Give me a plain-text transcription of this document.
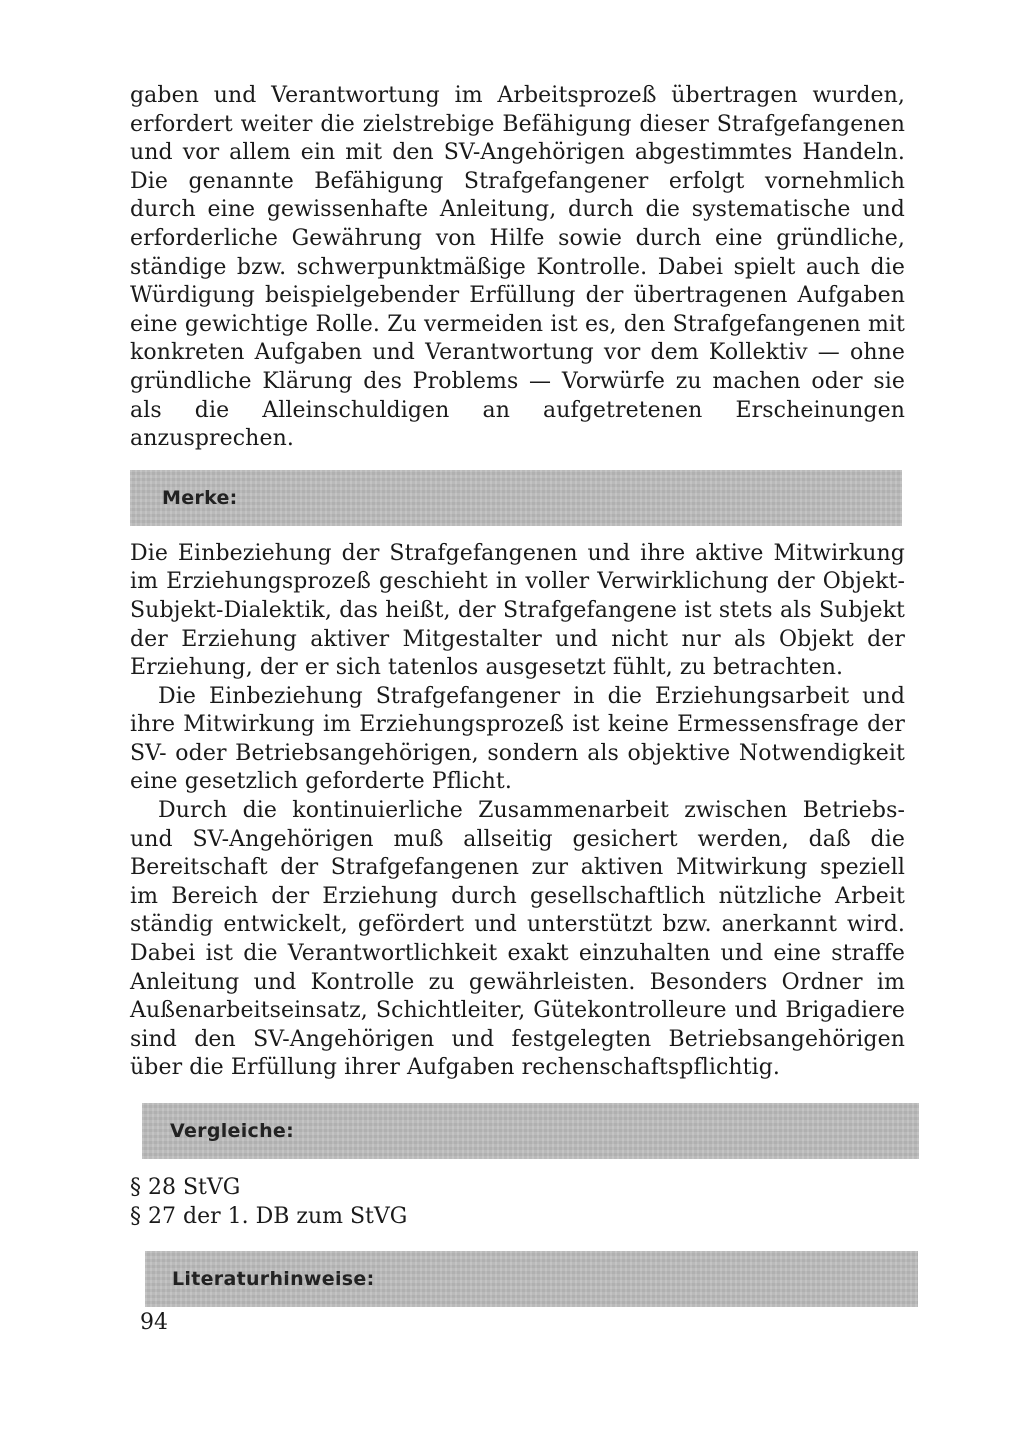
gaben und Verantwortung im Arbeitsprozeß übertragen wurden, erfordert weiter die zielstrebige Befähigung dieser Strafgefangenen und vor allem ein mit den SV-Angehörigen abgestimmtes Handeln. Die genannte Befähigung Strafgefangener erfolgt vornehmlich durch eine gewissenhafte Anleitung, durch die systematische und erforderliche Gewährung von Hilfe sowie durch eine gründliche, ständige bzw. schwerpunktmäßige Kontrolle. Dabei spielt auch die Würdigung beispielgebender Erfüllung der übertragenen Aufgaben eine gewichtige Rolle. Zu vermeiden ist es, den Strafgefangenen mit konkreten Aufgaben und Verantwortung vor dem Kollektiv — ohne gründliche Klärung des Problems — Vorwürfe zu machen oder sie als die Alleinschuldigen an aufgetretenen Erscheinungen anzusprechen.

Merke:

Die Einbeziehung der Strafgefangenen und ihre aktive Mitwirkung im Erziehungsprozeß geschieht in voller Verwirklichung der Objekt-Subjekt-Dialektik, das heißt, der Strafgefangene ist stets als Subjekt der Erziehung aktiver Mitgestalter und nicht nur als Objekt der Erziehung, der er sich tatenlos ausgesetzt fühlt, zu betrachten.

Die Einbeziehung Strafgefangener in die Erziehungsarbeit und ihre Mitwirkung im Erziehungsprozeß ist keine Ermessensfrage der SV- oder Betriebsangehörigen, sondern als objektive Notwendigkeit eine gesetzlich geforderte Pflicht.

Durch die kontinuierliche Zusammenarbeit zwischen Betriebs- und SV-Angehörigen muß allseitig gesichert werden, daß die Bereitschaft der Strafgefangenen zur aktiven Mitwirkung speziell im Bereich der Erziehung durch gesellschaftlich nützliche Arbeit ständig entwickelt, gefördert und unterstützt bzw. anerkannt wird. Dabei ist die Verantwortlichkeit exakt einzuhalten und eine straffe Anleitung und Kontrolle zu gewährleisten. Besonders Ordner im Außenarbeitseinsatz, Schichtleiter, Gütekontrolleure und Brigadiere sind den SV-Angehörigen und festgelegten Betriebsangehörigen über die Erfüllung ihrer Aufgaben rechenschaftspflichtig.

Vergleiche:

§ 28 StVG

§ 27 der 1. DB zum StVG

Literaturhinweise:
94
